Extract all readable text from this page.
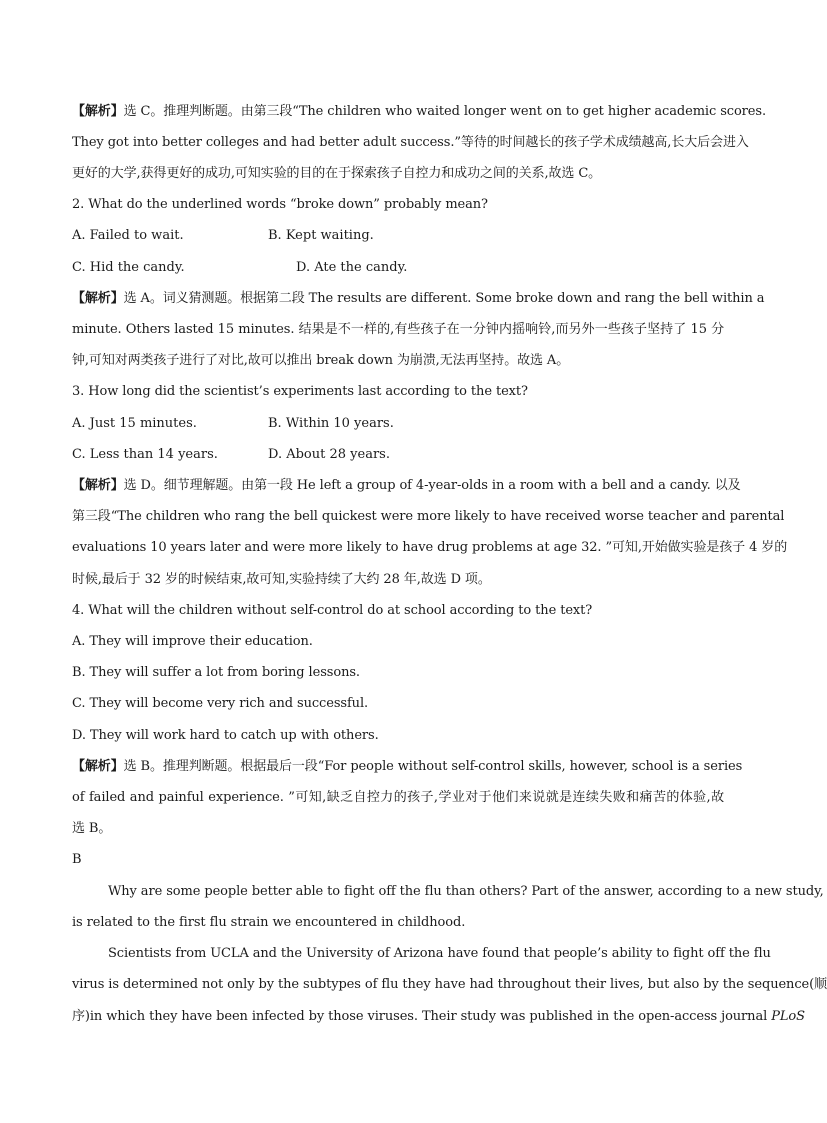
【解析】选 C。推理判断题。由第三段“The children who waited longer went on to get higher academic scores.
They got into better colleges and had better adult success.”等待的时间越长的孩子学术成绩越高,长大后会进入
更好的大学,获得更好的成功,可知实验的目的在于探索孩子自控力和成功之间的关系,故选 C。
2. What do the underlined words “broke down” probably mean?
A. Failed to wait.	B. Kept waiting.
C. Hid the candy.	D. Ate the candy.
【解析】选 A。词义猜测题。根据第二段 The results are different. Some broke down and rang the bell within a
minute. Others lasted 15 minutes. 结果是不一样的,有些孩子在一分钟内摇响铃,而另外一些孩子坚持了 15 分
钟,可知对两类孩子进行了对比,故可以推出 break down 为崩溃,无法再坚持。故选 A。
3. How long did the scientist’s experiments last according to the text?
A. Just 15 minutes.	B. Within 10 years.
C. Less than 14 years.	D. About 28 years.
【解析】选 D。细节理解题。由第一段 He left a group of 4-year-olds in a room with a bell and a candy. 以及
第三段“The children who rang the bell quickest were more likely to have received worse teacher and parental
evaluations 10 years later and were more likely to have drug problems at age 32. ”可知,开始做实验是孩子 4 岁的
时候,最后于 32 岁的时候结束,故可知,实验持续了大约 28 年,故选 D 项。
4. What will the children without self-control do at school according to the text?
A. They will improve their education.
B. They will suffer a lot from boring lessons.
C. They will become very rich and successful.
D. They will work hard to catch up with others.
【解析】选 B。推理判断题。根据最后一段“For people without self-control skills, however, school is a series
of failed and painful experience. ”可知,缺乏自控力的孩子,学业对于他们来说就是连续失败和痛苦的体验,故
选 B。
B
Why are some people better able to fight off the flu than others? Part of the answer, according to a new study,
is related to the first flu strain we encountered in childhood.
Scientists from UCLA and the University of Arizona have found that people’s ability to fight off the flu
virus is determined not only by the subtypes of flu they have had throughout their lives, but also by the sequence(顺
序)in which they have been infected by those viruses. Their study was published in the open-access journal PLoS
